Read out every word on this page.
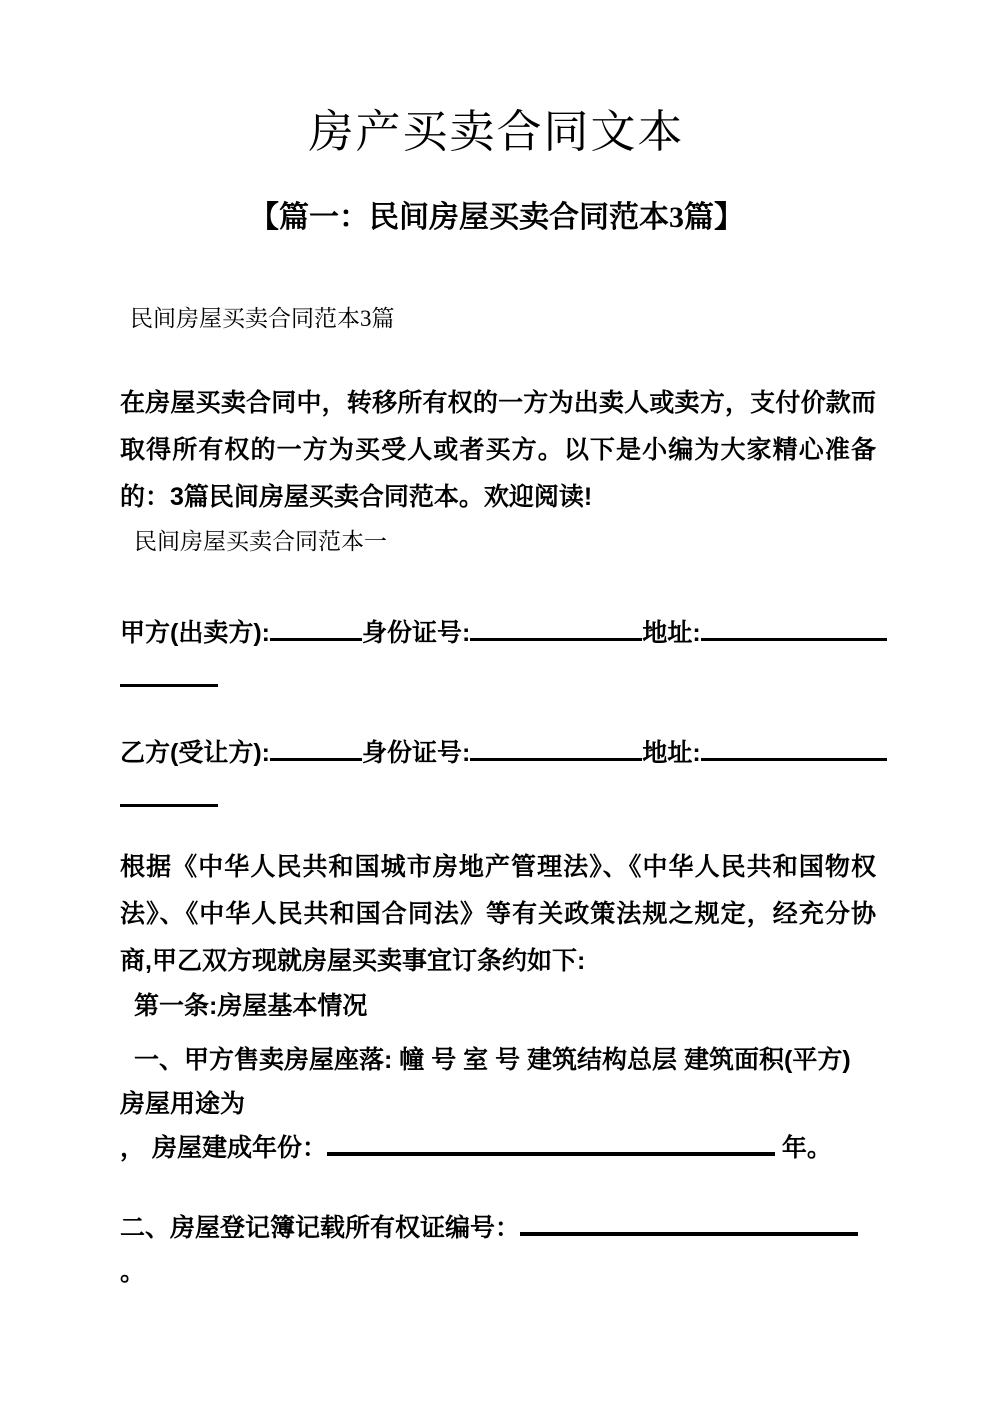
房产买卖合同文本
【篇一：民间房屋买卖合同范本3篇】
民间房屋买卖合同范本3篇
在房屋买卖合同中，转移所有权的一方为出卖人或卖方，支付价款而取得所有权的一方为买受人或者买方。以下是小编为大家精心准备的：3篇民间房屋买卖合同范本。欢迎阅读!
民间房屋买卖合同范本一
甲方(出卖方):	身份证号:	地址:
乙方(受让方):	身份证号:	地址:
根据《中华人民共和国城市房地产管理法》、《中华人民共和国物权法》、《中华人民共和国合同法》等有关政策法规之规定，经充分协商,甲乙双方现就房屋买卖事宜订条约如下:
第一条:房屋基本情况
一、甲方售卖房屋座落: 幢 号 室 号 建筑结构总层 建筑面积(平方)
房屋用途为
， 房屋建成年份：	年。
二、房屋登记簿记载所有权证编号：
。
